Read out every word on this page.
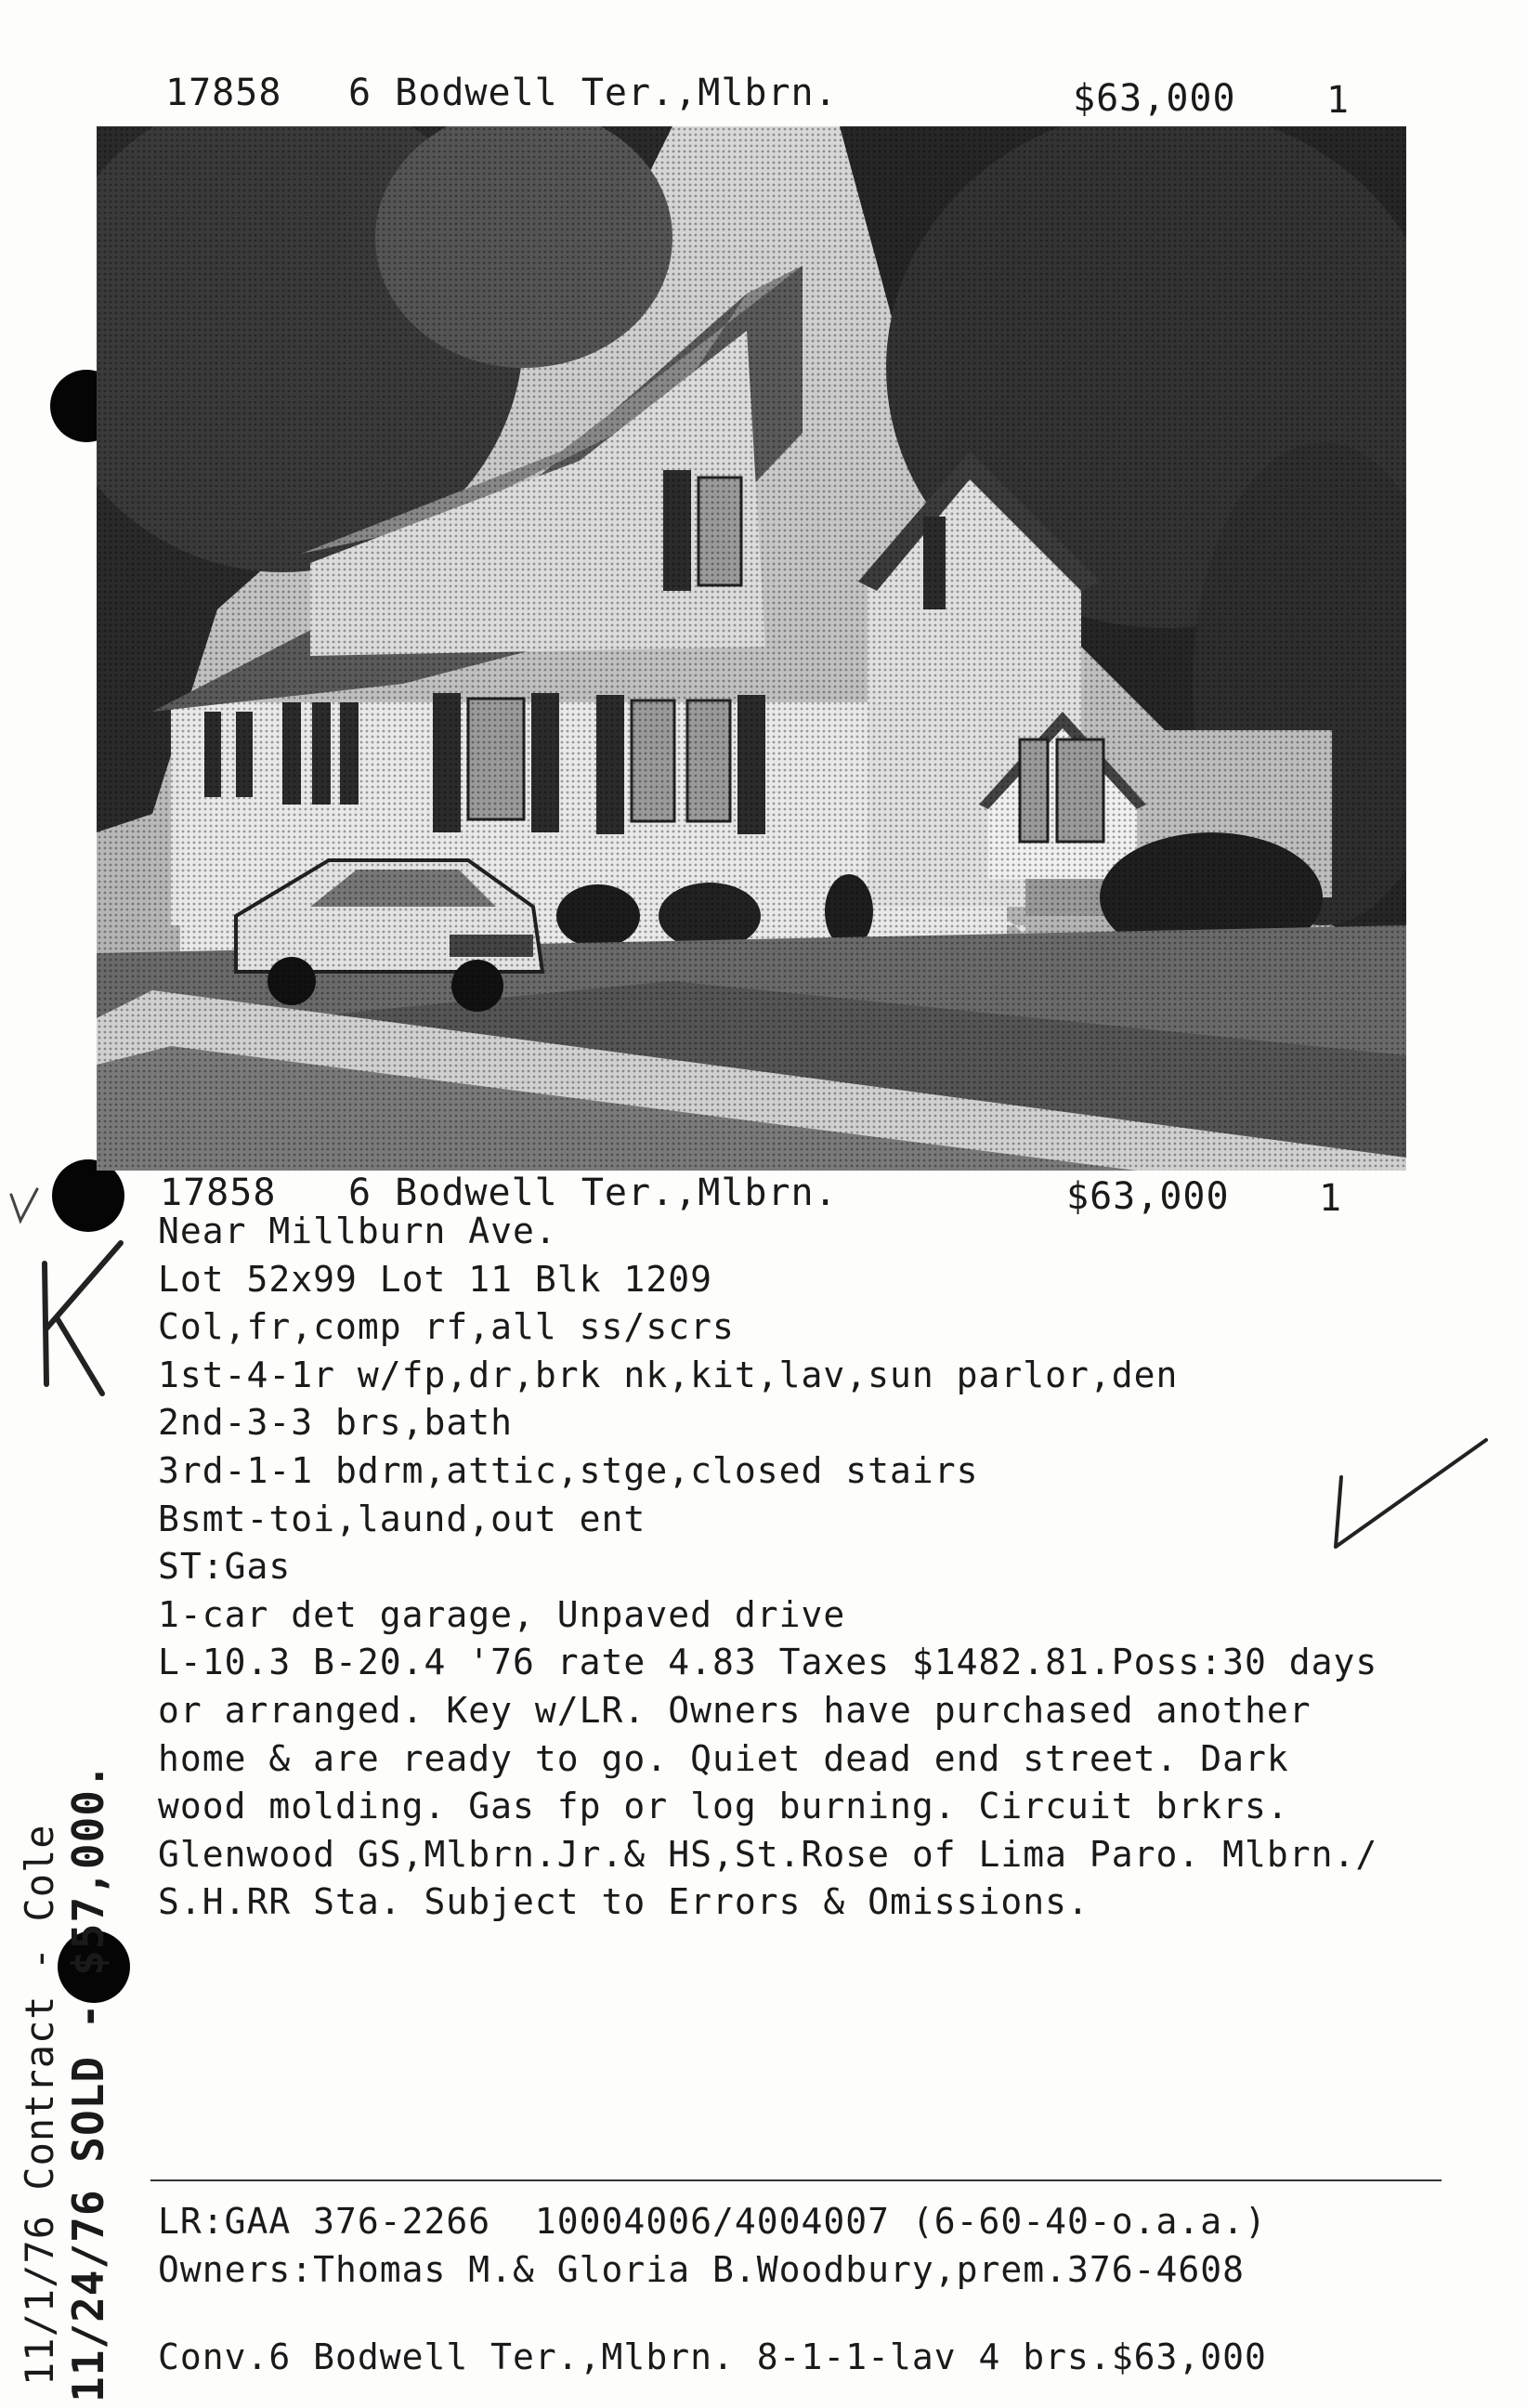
17858 6 Bodwell Ter.,Mlbrn.	$63,000 1
17858 6 Bodwell Ter.,Mlbrn.	$63,000 1
Near Millburn Ave.
Lot 52x99 Lot 11 Blk 1209
Col,fr,comp rf,all ss/scrs
1st-4-1r w/fp,dr,brk nk,kit,lav,sun parlor,den
2nd-3-3 brs,bath
3rd-1-1 bdrm,attic,stge,closed stairs
Bsmt-toi,laund,out ent
ST:Gas
1-car det garage, Unpaved drive
L-10.3 B-20.4 '76 rate 4.83 Taxes $1482.81.Poss:30 days
or arranged. Key w/LR. Owners have purchased another
home & are ready to go. Quiet dead end street. Dark
wood molding. Gas fp or log burning. Circuit brkrs.
Glenwood GS,Mlbrn.Jr.& HS,St.Rose of Lima Paro. Mlbrn./
S.H.RR Sta. Subject to Errors & Omissions.
LR:GAA 376-2266  10004006/4004007 (6-60-40-o.a.a.)
Owners:Thomas M.& Gloria B.Woodbury,prem.376-4608
Conv.6 Bodwell Ter.,Mlbrn. 8-1-1-lav 4 brs.$63,000
11/1/76 Contract - Cole 11/24/76 SOLD - $57,000.
